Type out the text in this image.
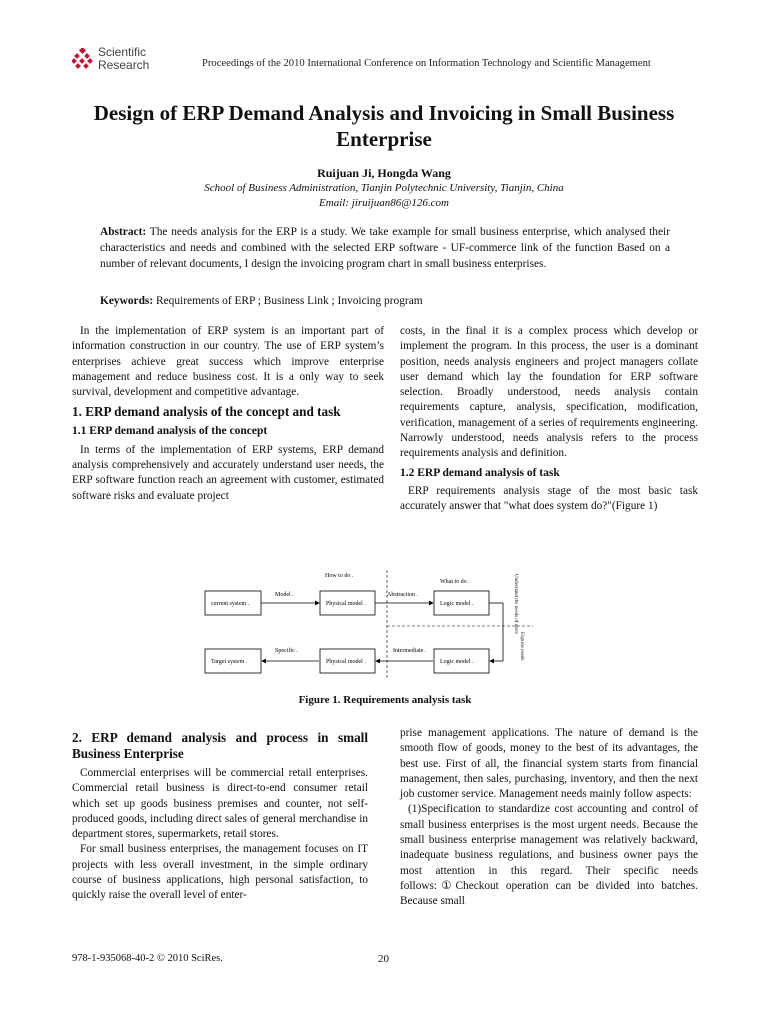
Scientific
Research	Proceedings of the 2010 International Conference on Information Technology and Scientific Management
Design of ERP Demand Analysis and Invoicing in Small Business Enterprise
Ruijuan Ji, Hongda Wang
School of Business Administration, Tianjin Polytechnic University, Tianjin, China
Email: jiruijuan86@126.com
Abstract: The needs analysis for the ERP is a study. We take example for small business enterprise, which analysed their characteristics and needs and combined with the selected ERP software - UF-commerce link of the function Based on a number of relevant documents, I design the invoicing program chart in small business enterprises.
Keywords: Requirements of ERP ; Business Link ; Invoicing program

In the implementation of ERP system is an important part of information construction in our country. The use of ERP system’s enterprises achieve great success which improve enterprise management and reduce business cost. It is a only way to seek survival, development and competitive advantage.

1. ERP demand analysis of the concept and task
1.1 ERP demand analysis of the concept

In terms of the implementation of ERP systems, ERP demand analysis comprehensively and accurately understand user needs, the ERP software function reach an agreement with customer, estimated software risks and evaluate project

costs, in the final it is a complex process which develop or implement the program. In this process, the user is a dominant position, needs analysis engineers and project managers collate user demand which lay the foundation for ERP software selection. Broadly understood, needs analysis contain requirements capture, analysis, specification, modification, verification, management of a series of requirements engineering. Narrowly understood, needs analysis refers to the process requirements analysis and definition.

1.2 ERP demand analysis of task

ERP requirements analysis stage of the most basic task accurately answer that "what does system do?"(Figure 1)

How to do .
What to do .
current system .
Model .
Physical model .
Abstraction .
Logic model .
Target system .
Specific .
Physical model .
Intermediate .
Logic model .
Understand the needs of users
Express needs
Figure 1. Requirements analysis task
2. ERP demand analysis and process in small Business Enterprise

Commercial enterprises will be commercial retail enterprises. Commercial retail business is direct-to-end consumer retail which set up goods business premises and counter, not self-produced goods, including direct sales of general merchandise in department stores, supermarkets, retail stores.

For small business enterprises, the management focuses on IT projects with less overall investment, in the simple ordinary course of business applications, high personal satisfaction, to quickly raise the overall level of enter-

prise management applications. The nature of demand is the smooth flow of goods, money to the best of its advantages, the best use. First of all, the financial system starts from financial management, then sales, purchasing, inventory, and then the next job customer service. Management needs mainly follow aspects:

(1)Specification to standardize cost accounting and control of small business enterprises is the most urgent needs. Because the small business enterprise management was relatively backward, inadequate business regulations, and business owner pays the most attention in this regard. Their specific needs follows:①Checkout operation can be divided into batches. Because small

978-1-935068-40-2 © 2010 SciRes.	20
